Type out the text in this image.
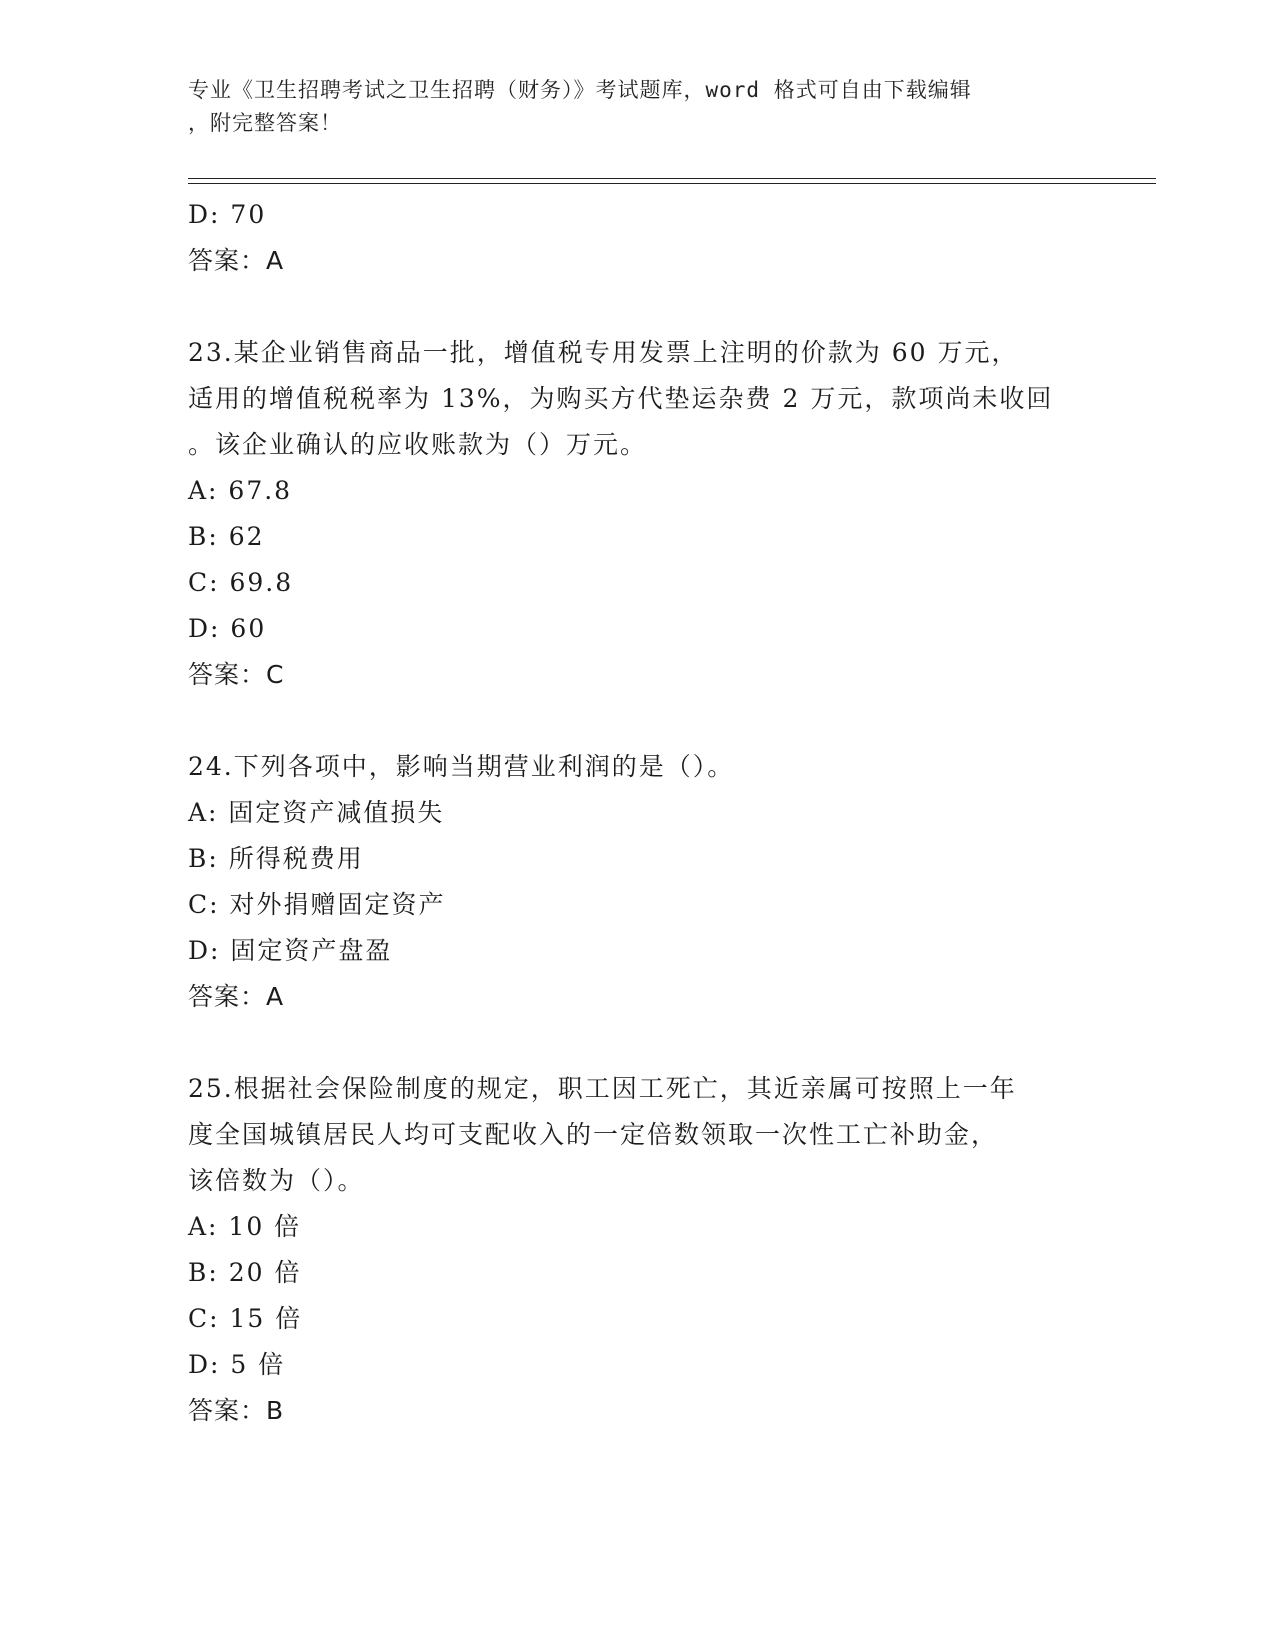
专业《卫生招聘考试之卫生招聘（财务）》考试题库，word 格式可自由下载编辑
，附完整答案！
D: 70
答案：A
23.某企业销售商品一批，增值税专用发票上注明的价款为 60 万元，
适用的增值税税率为 13%，为购买方代垫运杂费 2 万元，款项尚未收回
。该企业确认的应收账款为（）万元。
A: 67.8
B: 62
C: 69.8
D: 60
答案：C
24.下列各项中，影响当期营业利润的是（）。
A: 固定资产减值损失
B: 所得税费用
C: 对外捐赠固定资产
D: 固定资产盘盈
答案：A
25.根据社会保险制度的规定，职工因工死亡，其近亲属可按照上一年
度全国城镇居民人均可支配收入的一定倍数领取一次性工亡补助金，
该倍数为（）。
A: 10 倍
B: 20 倍
C: 15 倍
D: 5 倍
答案：B
